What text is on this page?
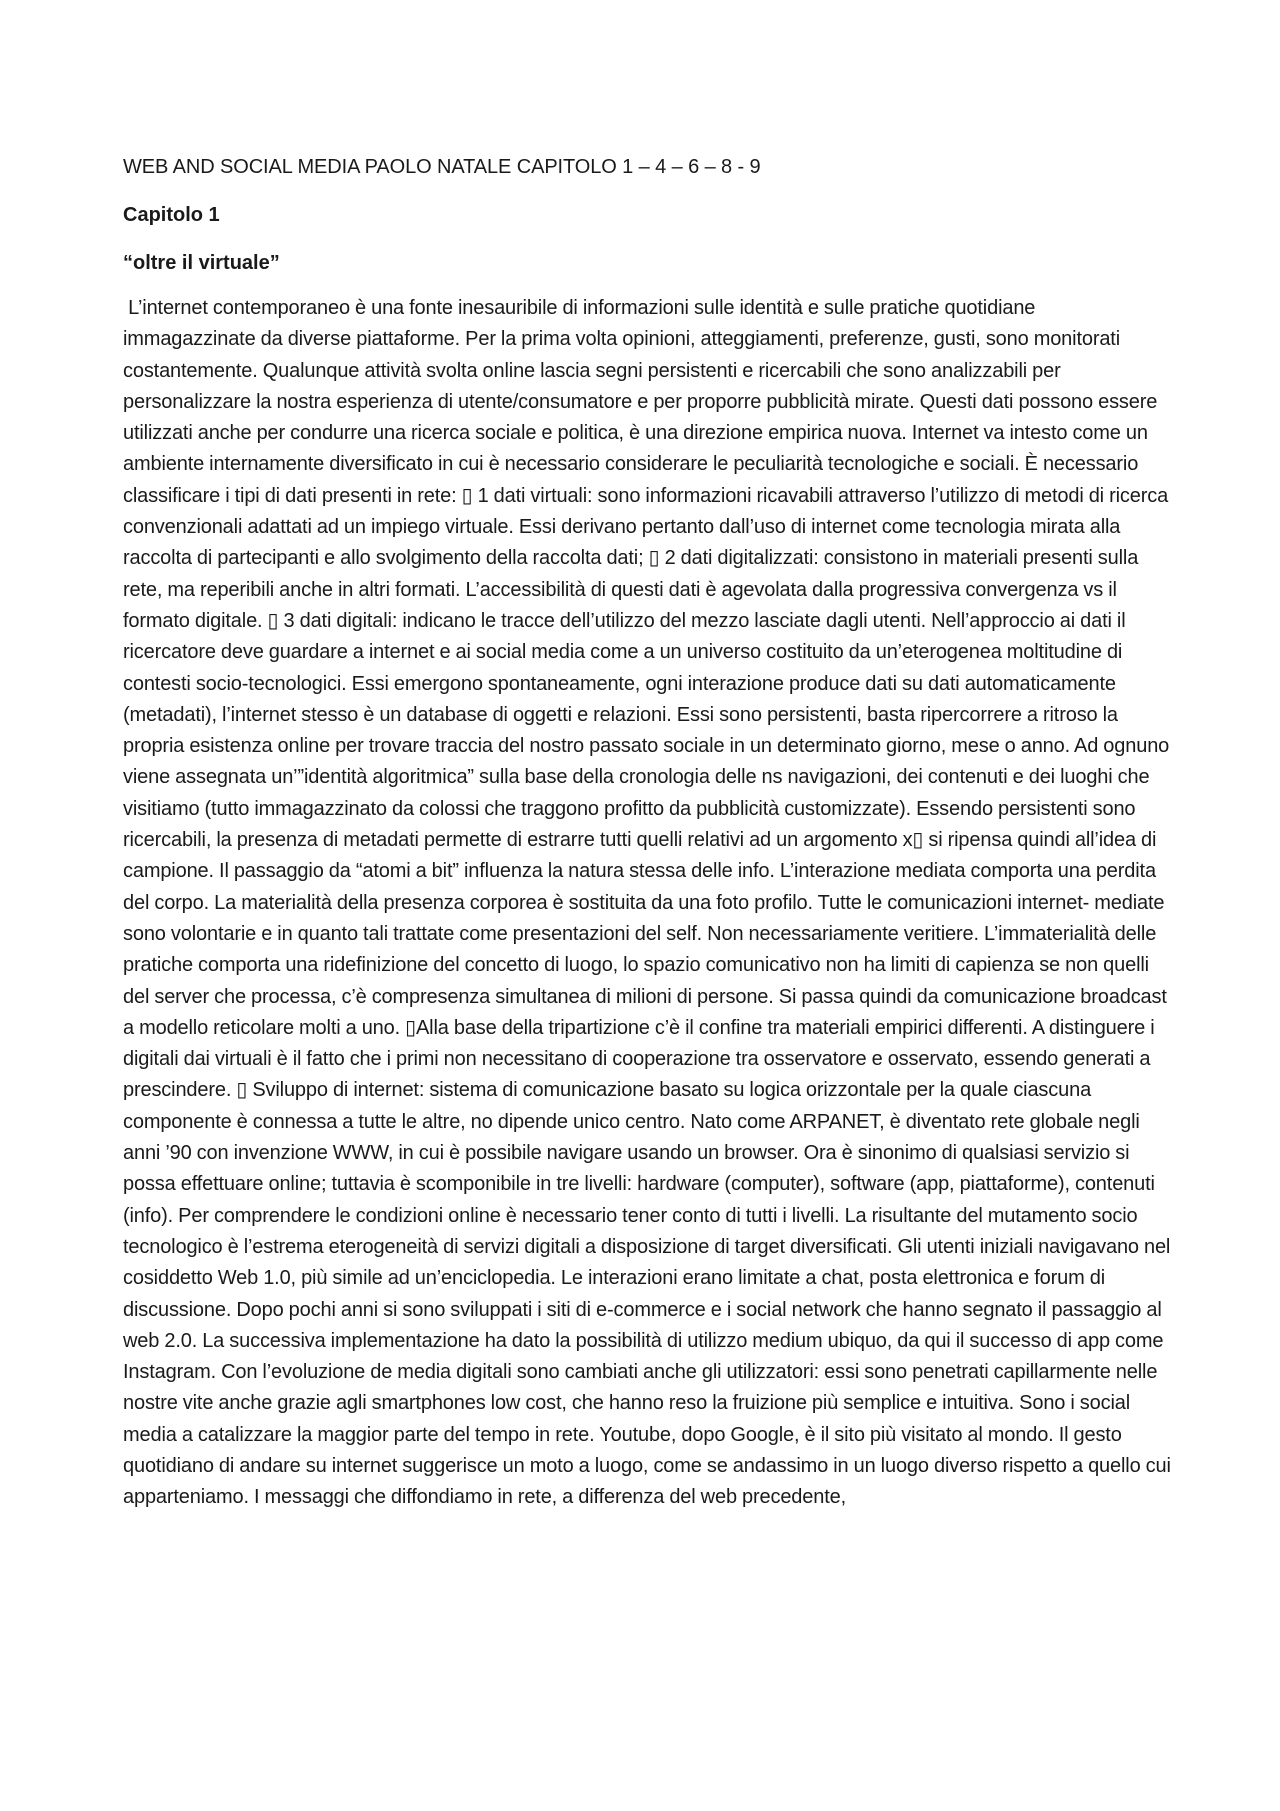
WEB AND SOCIAL MEDIA PAOLO NATALE CAPITOLO 1 – 4 – 6 – 8 - 9

Capitolo 1

“oltre il virtuale”

L’internet contemporaneo è una fonte inesauribile di informazioni sulle identità e sulle pratiche quotidiane immagazzinate da diverse piattaforme. Per la prima volta opinioni, atteggiamenti, preferenze, gusti, sono monitorati costantemente. Qualunque attività svolta online lascia segni persistenti e ricercabili che sono analizzabili per personalizzare la nostra esperienza di utente/consumatore e per proporre pubblicità mirate. Questi dati possono essere utilizzati anche per condurre una ricerca sociale e politica, è una direzione empirica nuova. Internet va intesto come un ambiente internamente diversificato in cui è necessario considerare le peculiarità tecnologiche e sociali. È necessario classificare i tipi di dati presenti in rete: ▯ 1 dati virtuali: sono informazioni ricavabili attraverso l’utilizzo di metodi di ricerca convenzionali adattati ad un impiego virtuale. Essi derivano pertanto dall’uso di internet come tecnologia mirata alla raccolta di partecipanti e allo svolgimento della raccolta dati; ▯ 2 dati digitalizzati: consistono in materiali presenti sulla rete, ma reperibili anche in altri formati. L’accessibilità di questi dati è agevolata dalla progressiva convergenza vs il formato digitale. ▯ 3 dati digitali: indicano le tracce dell’utilizzo del mezzo lasciate dagli utenti. Nell’approccio ai dati il ricercatore deve guardare a internet e ai social media come a un universo costituito da un’eterogenea moltitudine di contesti socio-tecnologici. Essi emergono spontaneamente, ogni interazione produce dati su dati automaticamente (metadati), l’internet stesso è un database di oggetti e relazioni. Essi sono persistenti, basta ripercorrere a ritroso la propria esistenza online per trovare traccia del nostro passato sociale in un determinato giorno, mese o anno. Ad ognuno viene assegnata un’”identità algoritmica” sulla base della cronologia delle ns navigazioni, dei contenuti e dei luoghi che visitiamo (tutto immagazzinato da colossi che traggono profitto da pubblicità customizzate). Essendo persistenti sono ricercabili, la presenza di metadati permette di estrarre tutti quelli relativi ad un argomento x▯ si ripensa quindi all’idea di campione. Il passaggio da “atomi a bit” influenza la natura stessa delle info. L’interazione mediata comporta una perdita del corpo. La materialità della presenza corporea è sostituita da una foto profilo. Tutte le comunicazioni internet- mediate sono volontarie e in quanto tali trattate come presentazioni del self. Non necessariamente veritiere. L’immaterialità delle pratiche comporta una ridefinizione del concetto di luogo, lo spazio comunicativo non ha limiti di capienza se non quelli del server che processa, c’è compresenza simultanea di milioni di persone. Si passa quindi da comunicazione broadcast a modello reticolare molti a uno. ▯Alla base della tripartizione c’è il confine tra materiali empirici differenti. A distinguere i digitali dai virtuali è il fatto che i primi non necessitano di cooperazione tra osservatore e osservato, essendo generati a prescindere. ▯ Sviluppo di internet: sistema di comunicazione basato su logica orizzontale per la quale ciascuna componente è connessa a tutte le altre, no dipende unico centro. Nato come ARPANET, è diventato rete globale negli anni ’90 con invenzione WWW, in cui è possibile navigare usando un browser. Ora è sinonimo di qualsiasi servizio si possa effettuare online; tuttavia è scomponibile in tre livelli: hardware (computer), software (app, piattaforme), contenuti (info). Per comprendere le condizioni online è necessario tener conto di tutti i livelli. La risultante del mutamento socio tecnologico è l’estrema eterogeneità di servizi digitali a disposizione di target diversificati. Gli utenti iniziali navigavano nel cosiddetto Web 1.0, più simile ad un’enciclopedia. Le interazioni erano limitate a chat, posta elettronica e forum di discussione. Dopo pochi anni si sono sviluppati i siti di e-commerce e i social network che hanno segnato il passaggio al web 2.0. La successiva implementazione ha dato la possibilità di utilizzo medium ubiquo, da qui il successo di app come Instagram. Con l’evoluzione de media digitali sono cambiati anche gli utilizzatori: essi sono penetrati capillarmente nelle nostre vite anche grazie agli smartphones low cost, che hanno reso la fruizione più semplice e intuitiva. Sono i social media a catalizzare la maggior parte del tempo in rete. Youtube, dopo Google, è il sito più visitato al mondo. Il gesto quotidiano di andare su internet suggerisce un moto a luogo, come se andassimo in un luogo diverso rispetto a quello cui apparteniamo. I messaggi che diffondiamo in rete, a differenza del web precedente,
